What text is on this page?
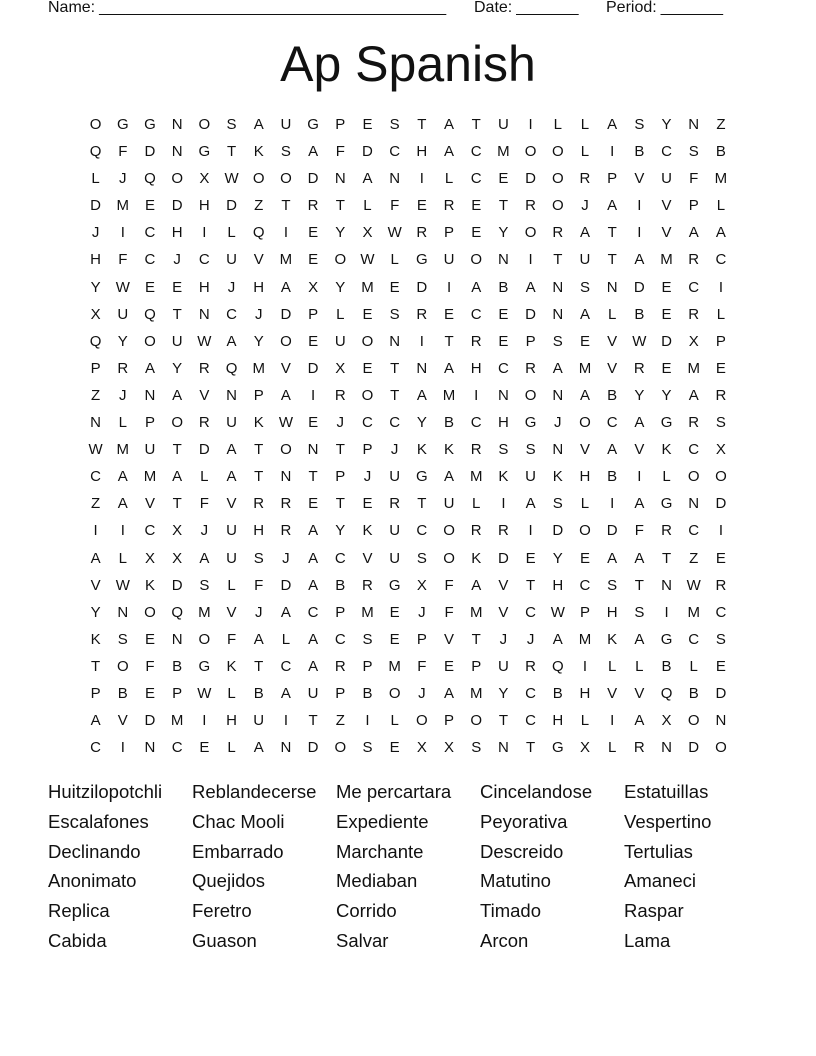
Name: _______________________________________ Date: _______ Period: _______
Ap Spanish
O	G	G	N	O	S	A	U	G	P	E	S	T	A	T	U	I	L	L	A	S	Y	N	Z
Q	F	D	N	G	T	K	S	A	F	D	C	H	A	C	M	O	O	L	I	B	C	S	B
L	J	Q	O	X	W O	O	D	N	A	N	I	L	C	E	D	O	R	P	V	U	F	M
D	M	E	D	H	D	Z	T	R	T	L	F	E	R	E	T	R	O	J	A	I	V	P	L
J	I	C	H	I	L	Q	I	E	Y	X	W R	P	E	Y	O	R	A	T	I	V	A	A
H	F	C	J	C	U	V	M	E	O W	L	G	U	O	N	I	T	U	T	A	M	R	C
Y	W	E	E	H	J	H	A	X	Y	M	E	D	I	A	B	A	N	S	N	D	E	C	I
X	U	Q	T	N	C	J	D	P	L	E	S	R	E	C	E	D	N	A	L	B	E	R	L
Q	Y	O	U W	A	Y	O	E	U	O	N	I	T	R	E	P	S	E	V	W D	X	P
P	R	A	Y	R	Q	M	V	D	X	E	T	N	A	H	C	R	A	M	V	R	E	M	E
Z	J	N	A	V	N	P	A	I	R	O	T	A	M	I	N	O	N	A	B	Y	Y	A	R
N	L	P	O	R	U	K	W	E	J	C	C	Y	B	C	H	G	J	O	C	A	G	R	S
W M	U	T	D	A	T	O	N	T	P	J	K	K	R	S	S	N	V	A	V	K	C	X
C	A	M	A	L	A	T	N	T	P	J	U	G	A	M	K	U	K	H	B	I	L	O	O
Z	A	V	T	F	V	R	R	E	T	E	R	T	U	L	I	A	S	L	I	A	G	N	D
I	I	C	X	J	U	H	R	A	Y	K	U	C	O	R	R	I	D	O	D	F	R	C	I
A	L	X	X	A	U	S	J	A	C	V	U	S	O	K	D	E	Y	E	A	A	T	Z	E
V	W	K	D	S	L	F	D	A	B	R	G	X	F	A	V	T	H	C	S	T	N W R
Y	N	O	Q	M	V	J	A	C	P	M	E	J	F	M	V	C W	P	H	S	I	M	C
K	S	E	N	O	F	A	L	A	C	S	E	P	V	T	J	J	A	M	K	A	G	C	S
T	O	F	B	G	K	T	C	A	R	P	M	F	E	P	U	R	Q	I	L	L	B	L	E
P	B	E	P	W	L	B	A	U	P	B	O	J	A	M	Y	C	B	H	V	V	Q	B	D
A	V	D	M	I	H	U	I	T	Z	I	L	O	P	O	T	C	H	L	I	A	X	O	N
C	I	N	C	E	L	A	N	D	O	S	E	X	X	S	N	T	G	X	L	R	N	D	O
Huitzilopotchli	Reblandecerse	Me percartara	Cincelandose	Estatuillas
Escalafones	Chac Mooli	Expediente	Peyorativa	Vespertino
Declinando	Embarrado	Marchante	Descreido	Tertulias
Anonimato	Quejidos	Mediaban	Matutino	Amaneci
Replica	Feretro	Corrido	Timado	Raspar
Cabida	Guason	Salvar	Arcon	Lama
